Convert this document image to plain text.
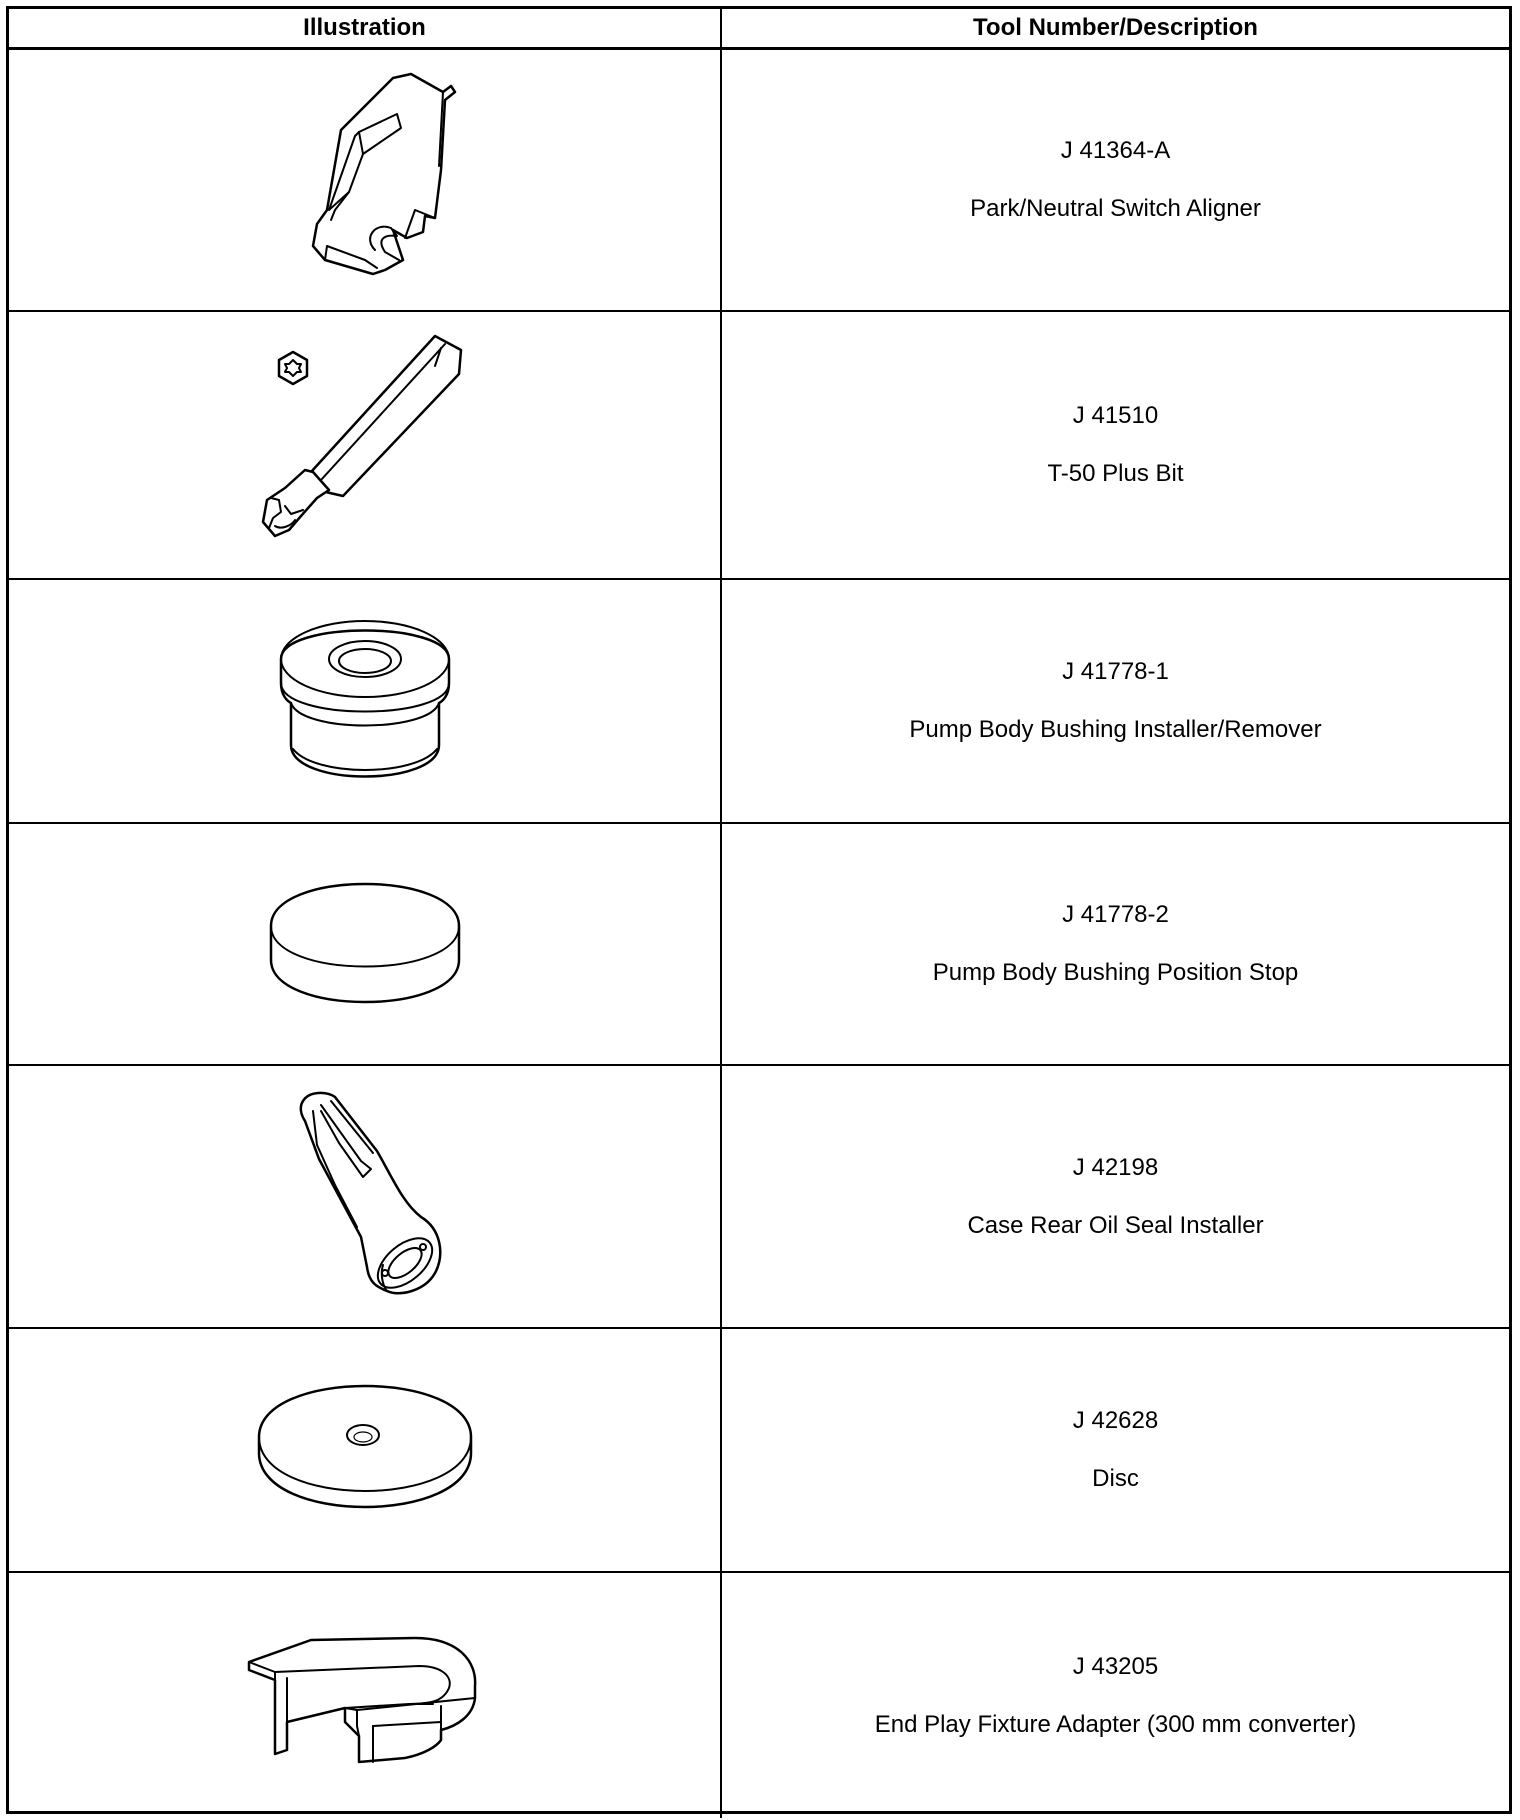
Illustration	Tool Number/Description
J 41364-A
Park/Neutral Switch Aligner
J 41510
T-50 Plus Bit
J 41778-1
Pump Body Bushing Installer/Remover
J 41778-2
Pump Body Bushing Position Stop
J 42198
Case Rear Oil Seal Installer
J 42628
Disc
J 43205
End Play Fixture Adapter (300 mm converter)
